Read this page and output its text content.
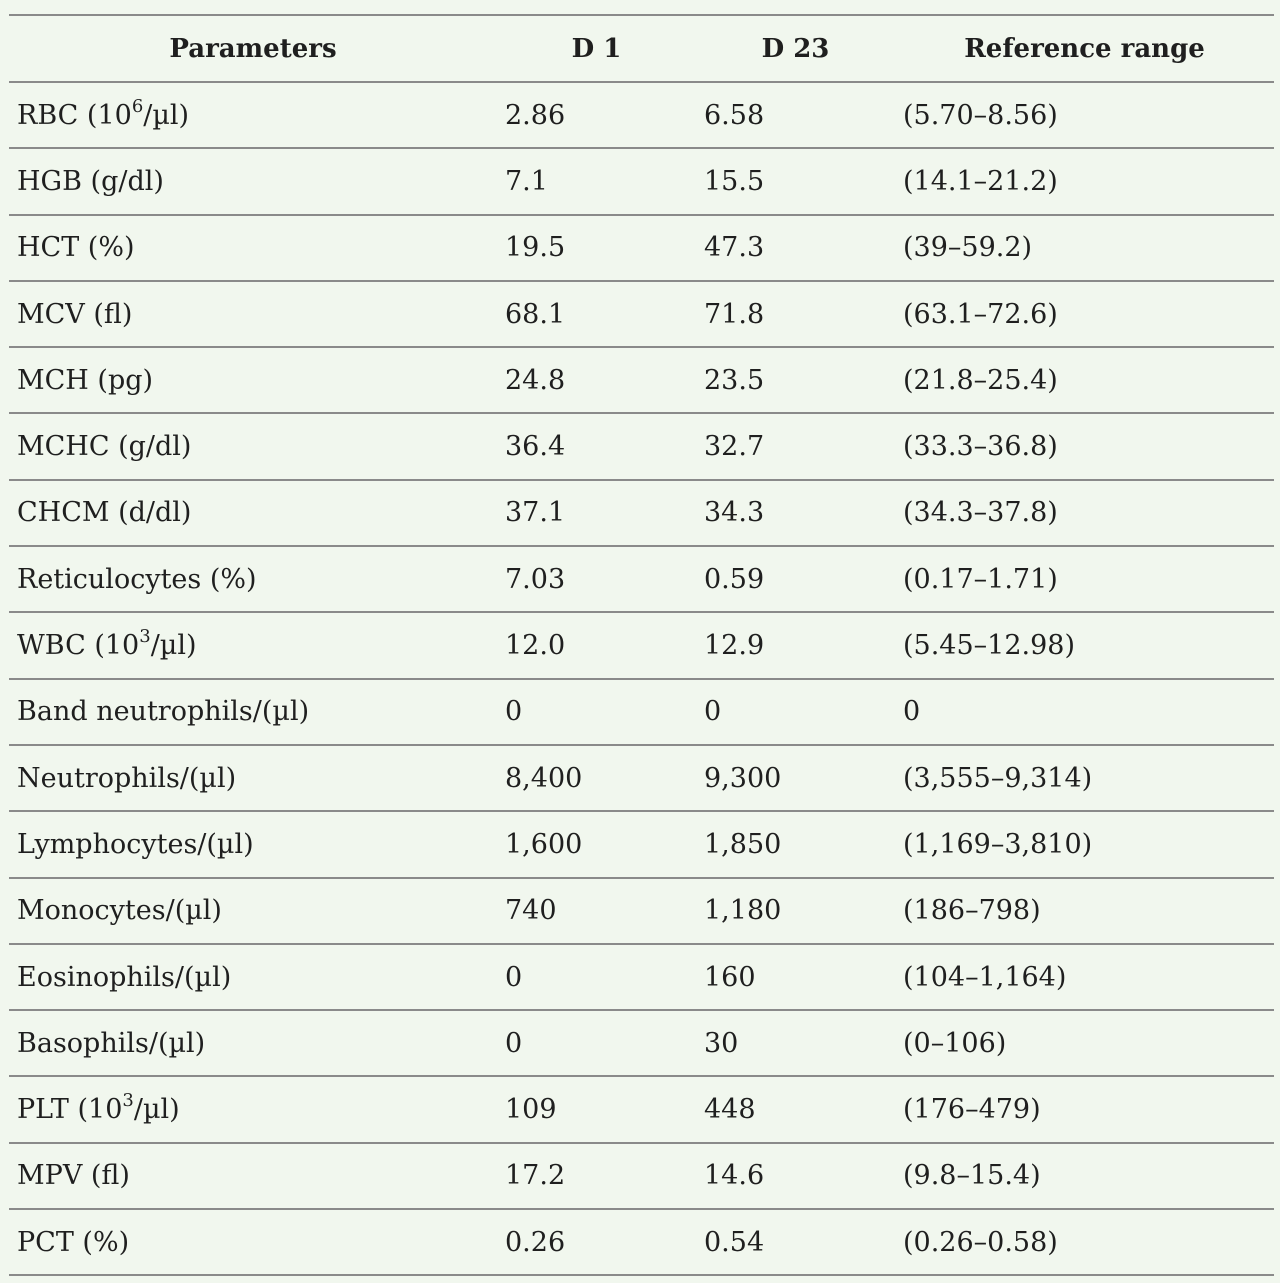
Parameters	D 1	D 23	Reference range
RBC $(10^6/\mu l)$	2.86	6.58	(5.70–8.56)
HGB (g/dl)	7.1	15.5	(14.1–21.2)
HCT (%)	19.5	47.3	(39–59.2)
MCV (fl)	68.1	71.8	(63.1–72.6)
MCH (pg)	24.8	23.5	(21.8–25.4)
MCHC (g/dl)	36.4	32.7	(33.3–36.8)
CHCM (d/dl)	37.1	34.3	(34.3–37.8)
Reticulocytes (%)	7.03	0.59	(0.17–1.71)
WBC $(10^3/\mu l)$	12.0	12.9	(5.45–12.98)
Band neutrophils/(µl)	0	0	0
Neutrophils/(µl)	8,400	9,300	(3,555–9,314)
Lymphocytes/(µl)	1,600	1,850	(1,169–3,810)
Monocytes/(µl)	740	1,180	(186–798)
Eosinophils/(µl)	0	160	(104–1,164)
Basophils/(µl)	0	30	(0–106)
PLT $(10^3/\mu l)$	109	448	(176–479)
MPV (fl)	17.2	14.6	(9.8–15.4)
PCT (%)	0.26	0.54	(0.26–0.58)
